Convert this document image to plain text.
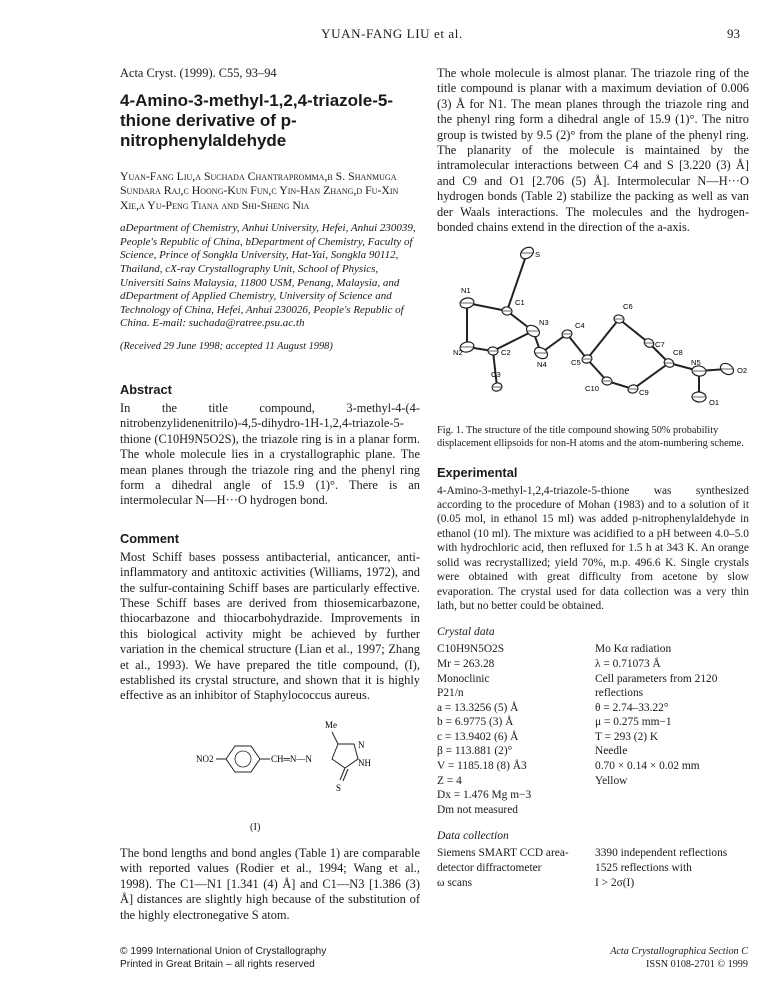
YUAN-FANG LIU et al.	93

Acta Cryst. (1999). C55, 93–94

4-Amino-3-methyl-1,2,4-triazole-5-thione derivative of p-nitrophenylaldehyde

Yuan-Fang Liu,a Suchada Chantrapromma,b S. Shanmuga Sundara Raj,c Hoong-Kun Fun,c Yin-Han Zhang,d Fu-Xin Xie,a Yu-Peng Tiana and Shi-Sheng Nia

aDepartment of Chemistry, Anhui University, Hefei, Anhui 230039, People's Republic of China, bDepartment of Chemistry, Faculty of Science, Prince of Songkla University, Hat-Yai, Songkla 90112, Thailand, cX-ray Crystallography Unit, School of Physics, Universiti Sains Malaysia, 11800 USM, Penang, Malaysia, and dDepartment of Applied Chemistry, University of Science and Technology of China, Hefei, Anhui 230026, People's Republic of China. E-mail: suchada@ratree.psu.ac.th

(Received 29 June 1998; accepted 11 August 1998)

Abstract

In the title compound, 3-methyl-4-(4-nitrobenzylidenenitrilo)-4,5-dihydro-1H-1,2,4-triazole-5-thione (C10H9N5O2S), the triazole ring is in a planar form. The whole molecule lies in a crystallographic plane. The mean planes through the triazole ring and the phenyl ring form a dihedral angle of 15.9 (1)°. There is an intermolecular N—H···O hydrogen bond.

Comment

Most Schiff bases possess antibacterial, anticancer, anti-inflammatory and antitoxic activities (Williams, 1972), and the sulfur-containing Schiff bases are particularly effective. These Schiff bases are derived from thiosemicarbazone, thiocarbazone and thiocarbohydrazide. Improvements in this biological activity might be achieved by further variation in the chemical structure (Lian et al., 1997; Zhang et al., 1993). We have prepared the title compound, (I), established its crystal structure, and shown that it is highly effective as an inhibitor of Staphylococcus aureus.

NO2	CH═N—N
Me
N
NH
S
(I)

The bond lengths and bond angles (Table 1) are comparable with reported values (Rodier et al., 1994; Wang et al., 1998). The C1—N1 [1.341 (4) Å] and C1—N3 [1.386 (3) Å] distances are slightly high because of the substitution of the highly electronegative S atom.

The whole molecule is almost planar. The triazole ring of the title compound is planar with a maximum deviation of 0.006 (3) Å for N1. The mean planes through the triazole ring and the phenyl ring form a dihedral angle of 15.9 (1)°. The nitro group is twisted by 9.5 (2)° from the plane of the phenyl ring. The planarity of the molecule is maintained by the intramolecular interactions between C4 and S [3.220 (3) Å] and C9 and O1 [2.706 (5) Å]. Intermolecular N—H···O hydrogen bonds (Table 2) stabilize the packing as well as van der Waals interactions. The molecules and the hydrogen-bonded chains extend in the direction of the a-axis.

S
N1
C1
N3	C4
C6
C7
N2	C2
N4	C5	N5
O2
C3
C10
C8
C9
O1

Fig. 1. The structure of the title compound showing 50% probability displacement ellipsoids for non-H atoms and the atom-numbering scheme.

Experimental

4-Amino-3-methyl-1,2,4-triazole-5-thione was synthesized according to the procedure of Mohan (1983) and to a solution of it (0.05 mol, in ethanol 15 ml) was added p-nitrophenylaldehyde in ethanol (10 ml). The mixture was acidified to a pH between 4.0–5.0 with hydrochloric acid, then refluxed for 1.5 h at 343 K. An orange solid was recrystallized; yield 70%, m.p. 496.6 K. Single crystals were obtained with great difficulty from acetone by slow evaporation. The crystal used for data collection was a very thin lath, but no better could be obtained.

Crystal data
C10H9N5O2S	Mo Kα radiation
Mr = 263.28	λ = 0.71073 Å
Monoclinic	Cell parameters from 2120
P21/n	reflections
a = 13.3256 (5) Å	θ = 2.74–33.22°
b = 6.9775 (3) Å	μ = 0.275 mm−1
c = 13.9402 (6) Å	T = 293 (2) K
β = 113.881 (2)°	Needle
V = 1185.18 (8) Å3	0.70 × 0.14 × 0.02 mm
Z = 4	Yellow
Dx = 1.476 Mg m−3
Dm not measured
Data collection
Siemens SMART CCD area-	3390 independent reflections
detector diffractometer	1525 reflections with
ω scans	I > 2σ(I)
© 1999 International Union of Crystallography
Printed in Great Britain – all rights reserved
Acta Crystallographica Section C
ISSN 0108-2701 © 1999
